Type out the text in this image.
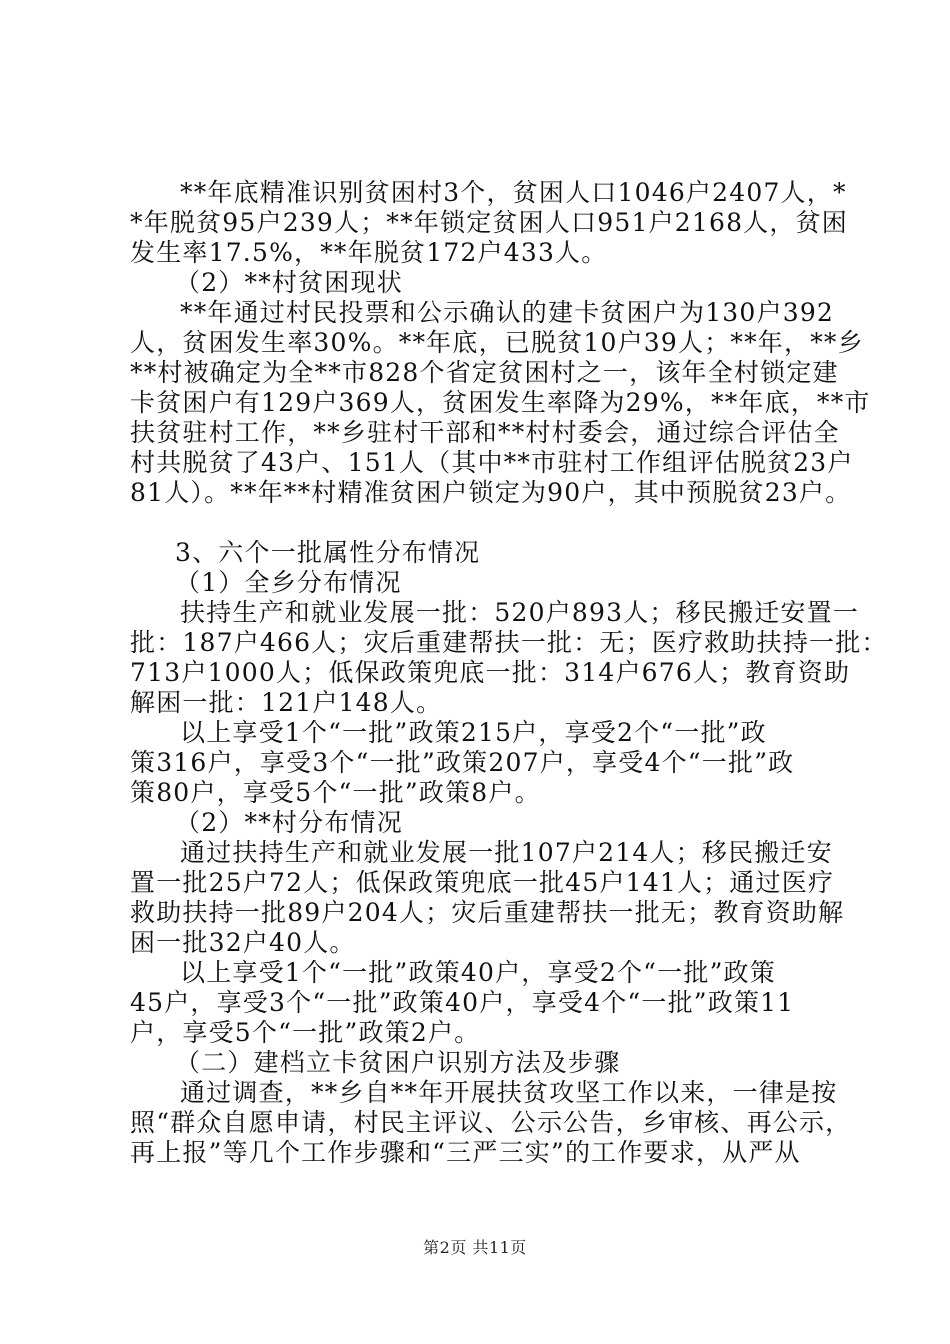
**年底精准识别贫困村3个，贫困人口1046户2407人，*
*年脱贫95户239人；**年锁定贫困人口951户2168人，贫困
发生率17.5%，**年脱贫172户433人。
（2）**村贫困现状
**年通过村民投票和公示确认的建卡贫困户为130户392
人，贫困发生率30%。**年底，已脱贫10户39人；**年，**乡
**村被确定为全**市828个省定贫困村之一，该年全村锁定建
卡贫困户有129户369人，贫困发生率降为29%，**年底，**市
扶贫驻村工作，**乡驻村干部和**村村委会，通过综合评估全
村共脱贫了43户、151人（其中**市驻村工作组评估脱贫23户
81人）。**年**村精准贫困户锁定为90户，其中预脱贫23户。
3、六个一批属性分布情况
（1）全乡分布情况
扶持生产和就业发展一批：520户893人；移民搬迁安置一
批：187户466人；灾后重建帮扶一批：无；医疗救助扶持一批：
713户1000人；低保政策兜底一批：314户676人；教育资助
解困一批：121户148人。
以上享受1个“一批”政策215户，享受2个“一批”政
策316户，享受3个“一批”政策207户，享受4个“一批”政
策80户，享受5个“一批”政策8户。
（2）**村分布情况
通过扶持生产和就业发展一批107户214人；移民搬迁安
置一批25户72人；低保政策兜底一批45户141人；通过医疗
救助扶持一批89户204人；灾后重建帮扶一批无；教育资助解
困一批32户40人。
以上享受1个“一批”政策40户，享受2个“一批”政策
45户，享受3个“一批”政策40户，享受4个“一批”政策11
户，享受5个“一批”政策2户。
（二）建档立卡贫困户识别方法及步骤
通过调查，**乡自**年开展扶贫攻坚工作以来，一律是按
照“群众自愿申请，村民主评议、公示公告，乡审核、再公示，
再上报”等几个工作步骤和“三严三实”的工作要求，从严从
第2页 共11页
